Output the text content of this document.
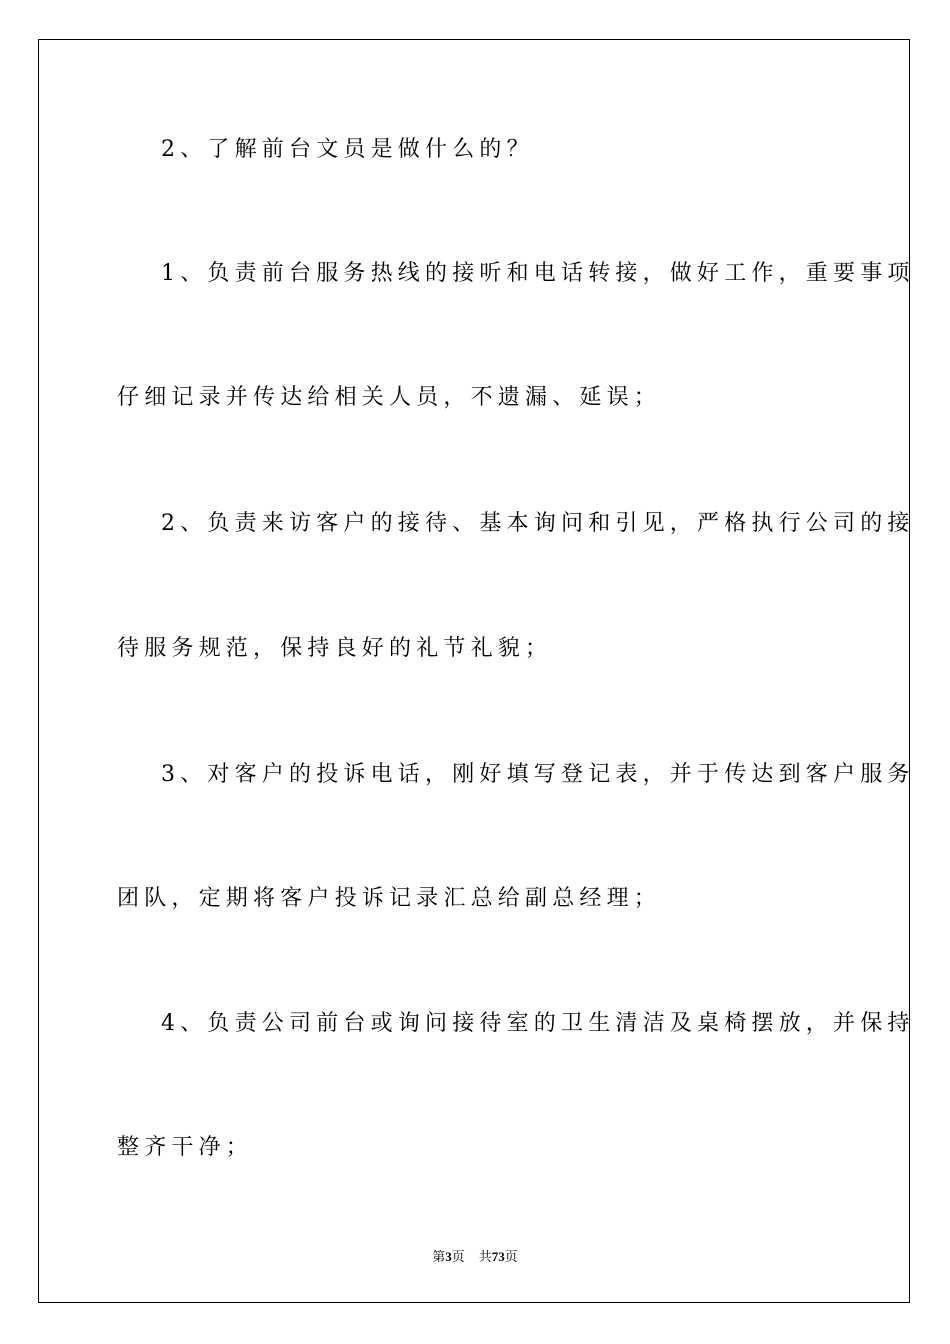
2、了解前台文员是做什么的？
1、负责前台服务热线的接听和电话转接，做好工作，重要事项
仔细记录并传达给相关人员，不遗漏、延误；
2、负责来访客户的接待、基本询问和引见，严格执行公司的接
待服务规范，保持良好的礼节礼貌；
3、对客户的投诉电话，刚好填写登记表，并于传达到客户服务
团队，定期将客户投诉记录汇总给副总经理；
4、负责公司前台或询问接待室的卫生清洁及桌椅摆放，并保持
整齐干净；
第3页 共73页
